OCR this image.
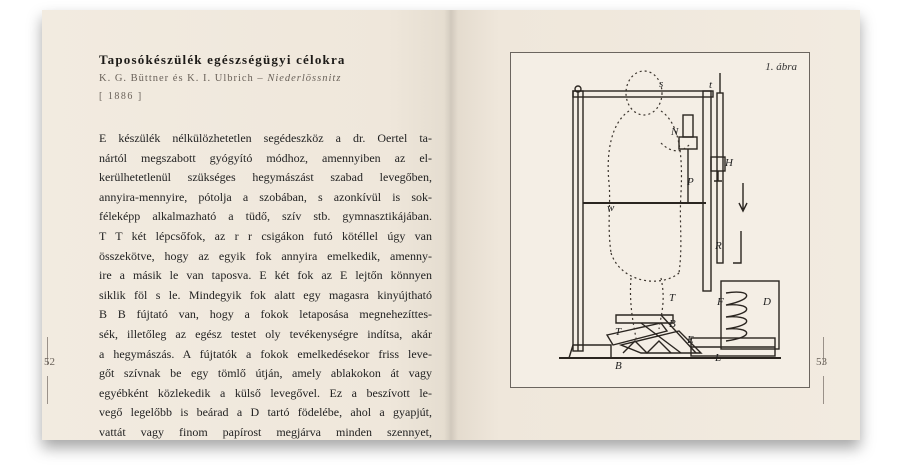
Taposókészülék egészségügyi célokra
K. G. Büttner és K. I. Ulbrich – Niederlössnitz
[ 1886 ]
E készülék nélkülözhetetlen segédeszköz a dr. Oertel ta-
nártól megszabott gyógyító módhoz, amennyiben az el-
kerülhetetlenül szükséges hegymászást szabad levegőben,
annyira-mennyire, pótolja a szobában, s azonkívül is sok-
féleképp alkalmazható a tüdő, szív stb. gymnasztikájában.
T T két lépcsőfok, az r r csigákon futó kötéllel úgy van
összekötve, hogy az egyik fok annyira emelkedik, amenny-
ire a másik le van taposva. E két fok az E lejtőn könnyen
siklik föl s le. Mindegyik fok alatt egy magasra kinyújtható
B B fújtató van, hogy a fokok letaposása megnehezíttes-
sék, illetőleg az egész testet oly tevékenységre indítsa, akár
a hegymászás. A fújtatók a fokok emelkedésekor friss leve-
gőt szívnak be egy tömlő útján, amely ablakokon át vagy
egyébként közlekedik a külső levegővel. Ez a beszívott le-
vegő legelőbb is beárad a D tartó födelébe, ahol a gyapjút,
vattát vagy finom papírost megjárva minden szennyet,
52	53
1. ábra
s	t
N
H
P
w
R
T	F	D
T
B
E
L
B
